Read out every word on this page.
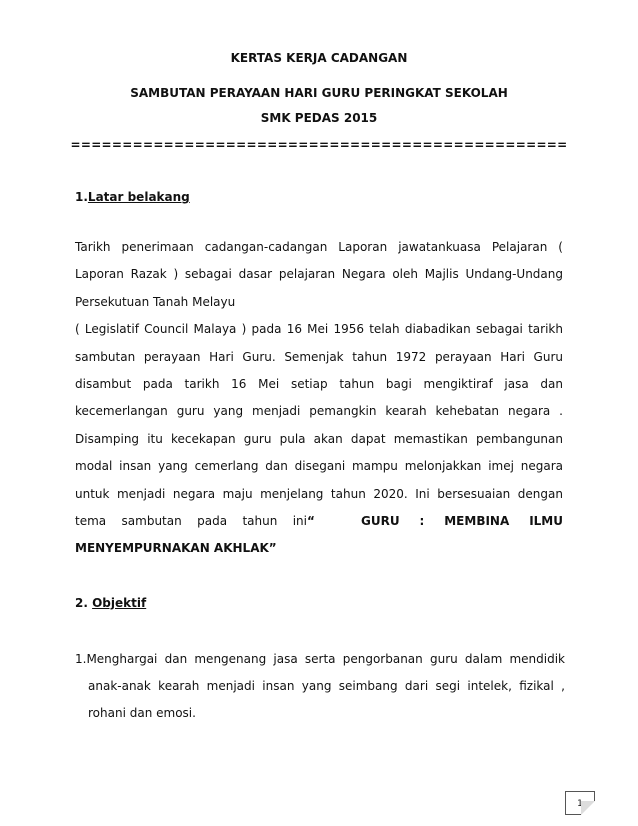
KERTAS KERJA CADANGAN
SAMBUTAN PERAYAAN HARI GURU PERINGKAT SEKOLAH
SMK PEDAS 2015
================================================
1.Latar belakang
Tarikh penerimaan cadangan-cadangan Laporan jawatankuasa Pelajaran (
Laporan Razak ) sebagai dasar pelajaran Negara oleh Majlis Undang-Undang
Persekutuan Tanah Melayu
( Legislatif Council Malaya ) pada 16 Mei 1956 telah diabadikan sebagai tarikh
sambutan perayaan Hari Guru. Semenjak tahun 1972 perayaan Hari Guru
disambut pada tarikh 16 Mei setiap tahun bagi mengiktiraf jasa dan
kecemerlangan guru yang menjadi pemangkin kearah kehebatan negara .
Disamping itu kecekapan guru pula akan dapat memastikan pembangunan
modal insan yang cemerlang dan disegani mampu melonjakkan imej negara
untuk menjadi negara maju menjelang tahun 2020. Ini bersesuaian dengan
tema sambutan pada tahun ini“	GURU : MEMBINA ILMU
MENYEMPURNAKAN AKHLAK”
2. Objektif
1.Menghargai dan mengenang jasa serta pengorbanan guru dalam mendidik
anak-anak kearah menjadi insan yang seimbang dari segi intelek, fizikal ,
rohani dan emosi.
1
